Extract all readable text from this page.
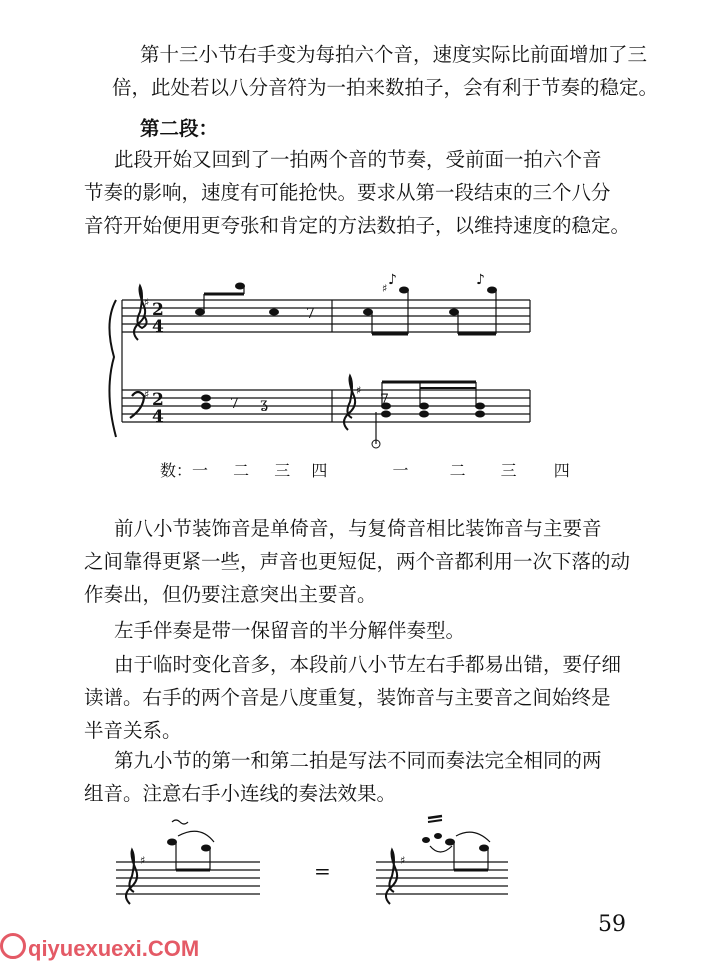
第十三小节右手变为每拍六个音，速度实际比前面增加了三
倍，此处若以八分音符为一拍来数拍子，会有利于节奏的稳定。
第二段：
此段开始又回到了一拍两个音的节奏，受前面一拍六个音
节奏的影响，速度有可能抢快。要求从第一段结束的三个八分
音符开始便用更夸张和肯定的方法数拍子，以维持速度的稳定。
2
4
2
4
♯
♯	♯
♯
7
♪	♪
7 ʓ	7
数：一 二 三 四	一	二 三 四
前八小节装饰音是单倚音，与复倚音相比装饰音与主要音
之间靠得更紧一些，声音也更短促，两个音都利用一次下落的动
作奏出，但仍要注意突出主要音。
左手伴奏是带一保留音的半分解伴奏型。
由于临时变化音多，本段前八小节左右手都易出错，要仔细
读谱。右手的两个音是八度重复，装饰音与主要音之间始终是
半音关系。
第九小节的第一和第二拍是写法不同而奏法完全相同的两
组音。注意右手小连线的奏法效果。
♯	♯
=
59
qiyuexuexi.COM
